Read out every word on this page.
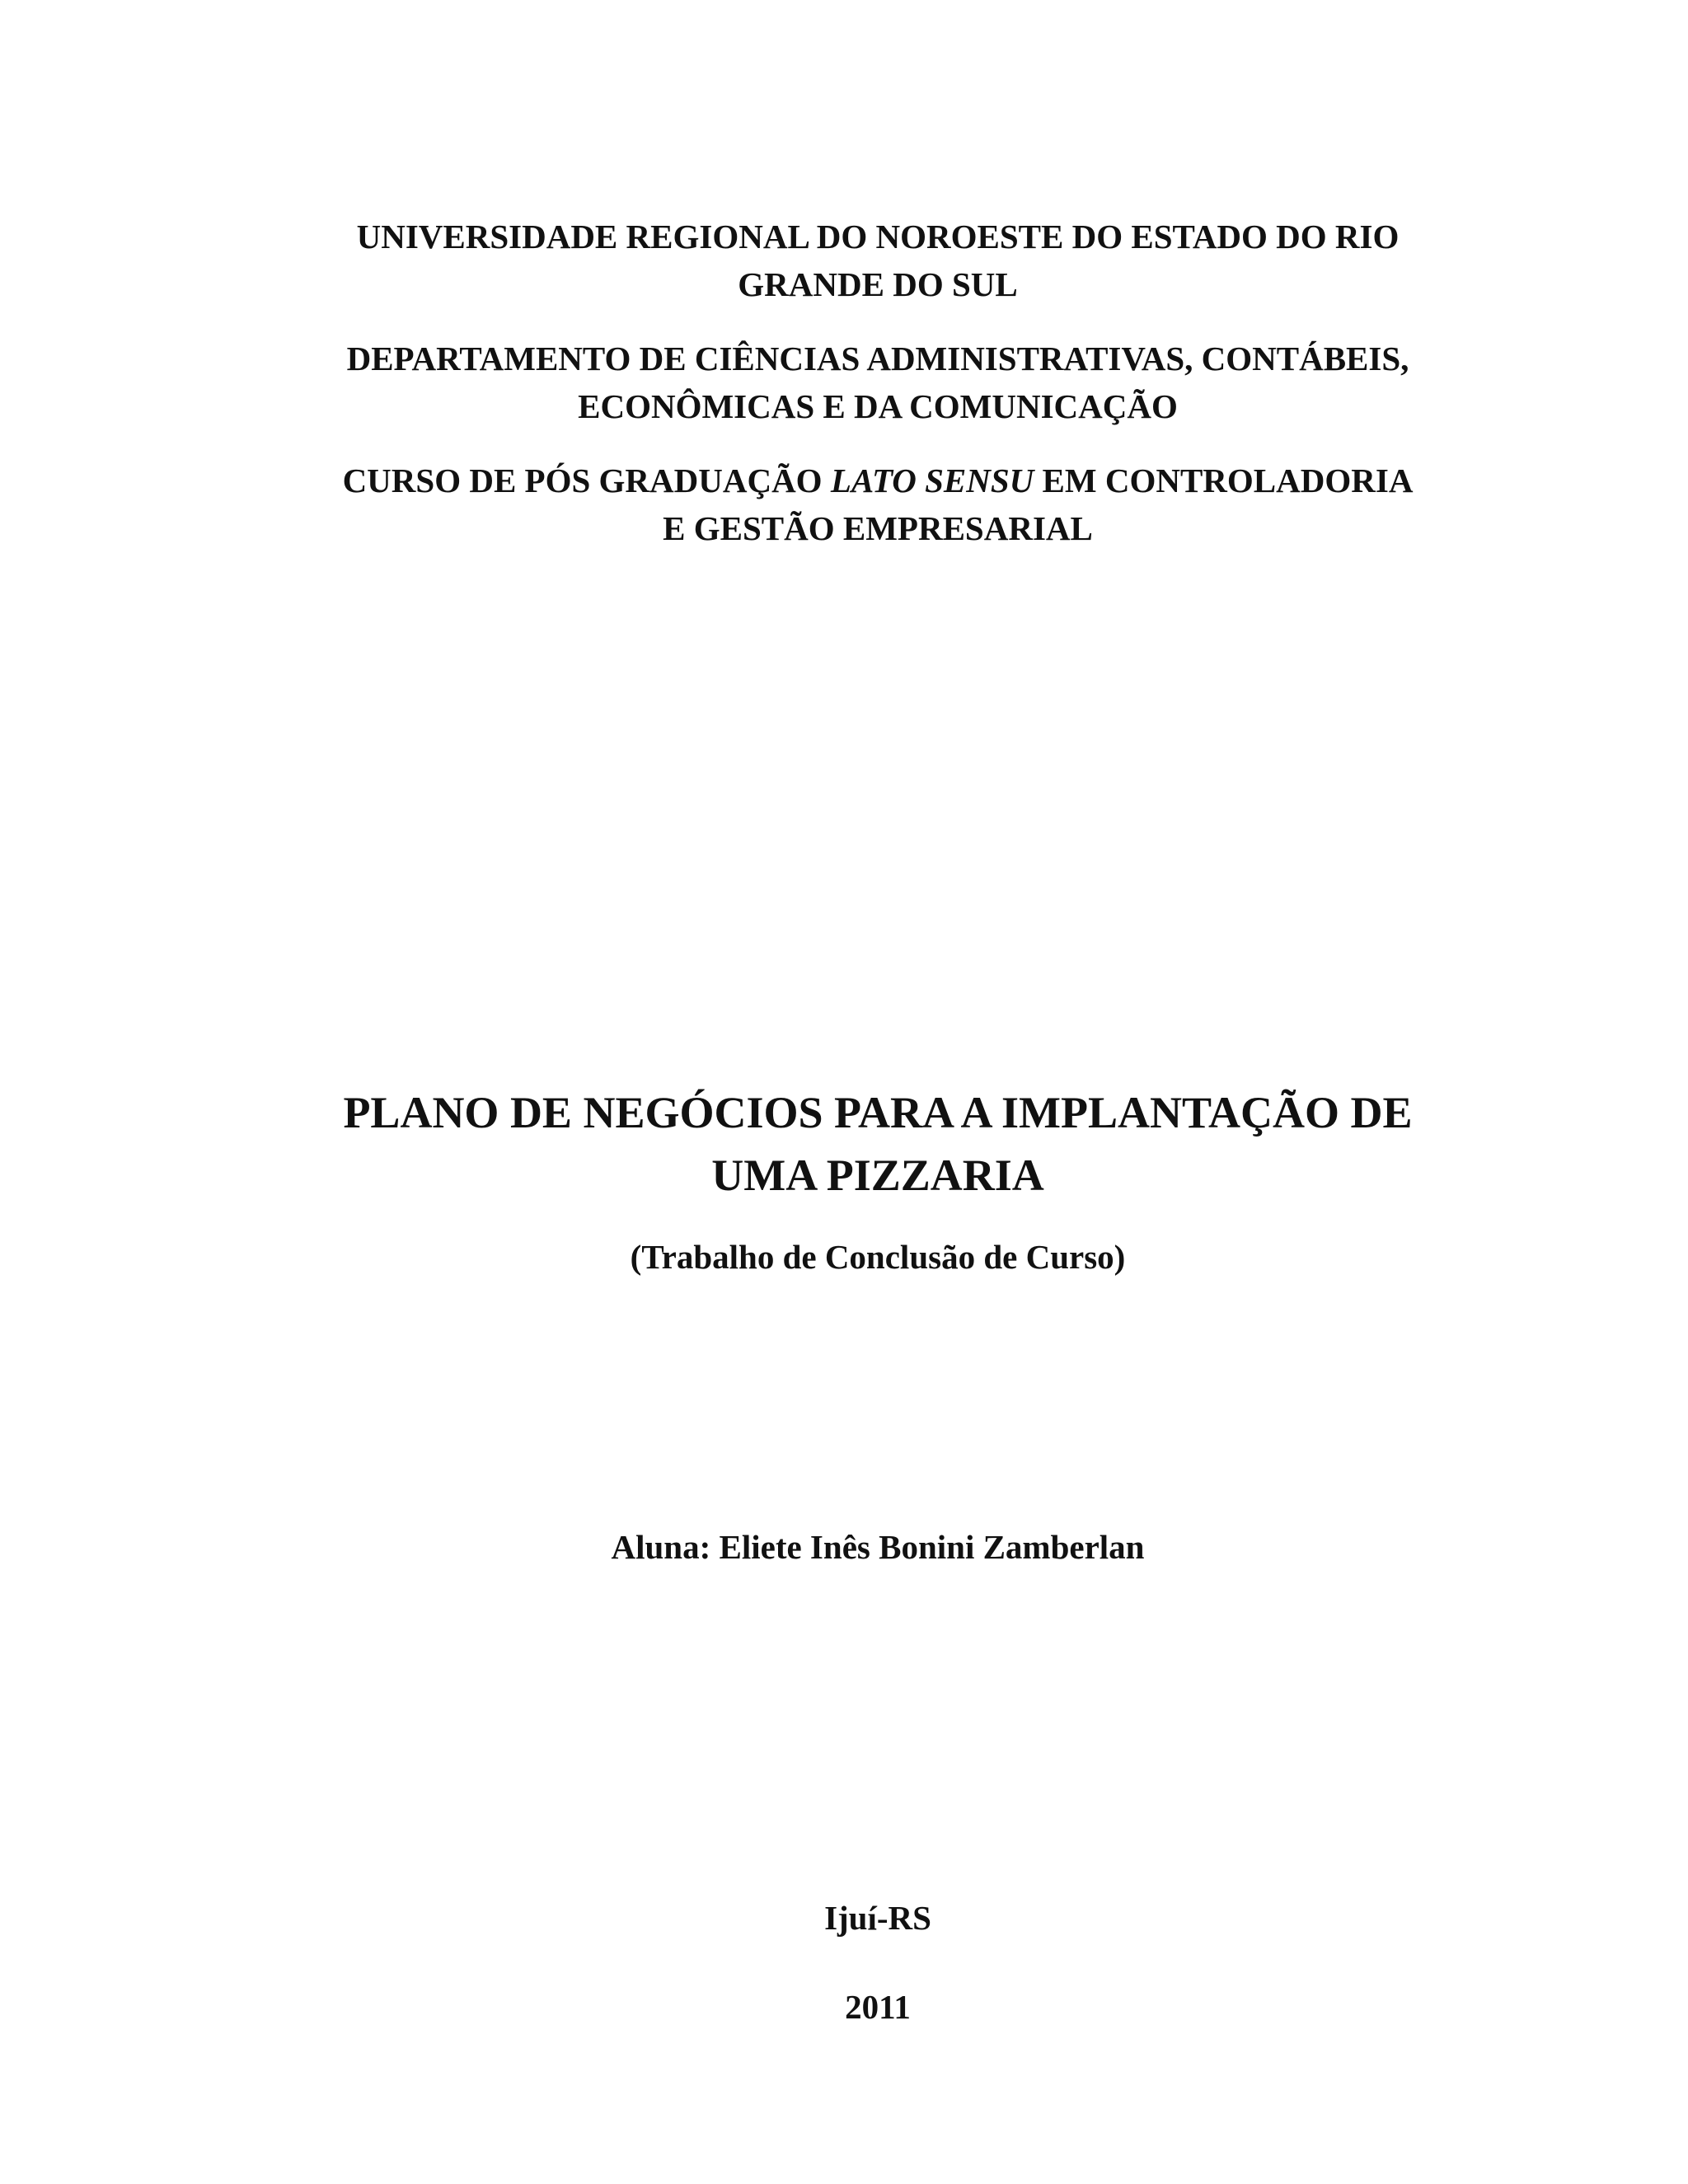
UNIVERSIDADE REGIONAL DO NOROESTE DO ESTADO DO RIO
GRANDE DO SUL
DEPARTAMENTO DE CIÊNCIAS ADMINISTRATIVAS, CONTÁBEIS,
ECONÔMICAS E DA COMUNICAÇÃO
CURSO DE PÓS GRADUAÇÃO LATO SENSU EM CONTROLADORIA
E GESTÃO EMPRESARIAL
PLANO DE NEGÓCIOS PARA A IMPLANTAÇÃO DE
UMA PIZZARIA
(Trabalho de Conclusão de Curso)
Aluna: Eliete Inês Bonini Zamberlan
Ijuí-RS
2011
